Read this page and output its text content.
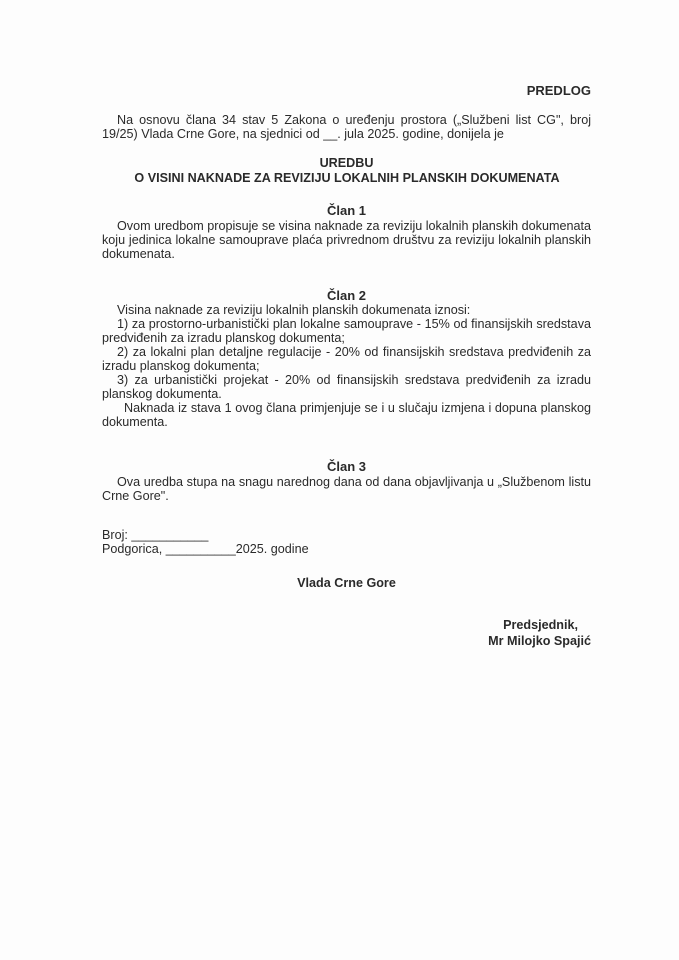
PREDLOG

Na osnovu člana 34 stav 5 Zakona o uređenju prostora („Službeni list CG", broj 19/25) Vlada Crne Gore, na sjednici od __. jula 2025. godine, donijela je

UREDBU
O VISINI NAKNADE ZA REVIZIJU LOKALNIH PLANSKIH DOKUMENATA
Član 1

Ovom uredbom propisuje se visina naknade za reviziju lokalnih planskih dokumenata koju jedinica lokalne samouprave plaća privrednom društvu za reviziju lokalnih planskih dokumenata.

Član 2

Visina naknade za reviziju lokalnih planskih dokumenata iznosi:

1) za prostorno-urbanistički plan lokalne samouprave - 15% od finansijskih sredstava predviđenih za izradu planskog dokumenta;

2) za lokalni plan detaljne regulacije - 20% od finansijskih sredstava predviđenih za izradu planskog dokumenta;

3) za urbanistički projekat - 20% od finansijskih sredstava predviđenih za izradu planskog dokumenta.

Naknada iz stava 1 ovog člana primjenjuje se i u slučaju izmjena i dopuna planskog dokumenta.

Član 3

Ova uredba stupa na snagu narednog dana od dana objavljivanja u „Službenom listu Crne Gore".

Broj: ___________
Podgorica, __________2025. godine
Vlada Crne Gore
Predsjednik,
Mr Milojko Spajić
